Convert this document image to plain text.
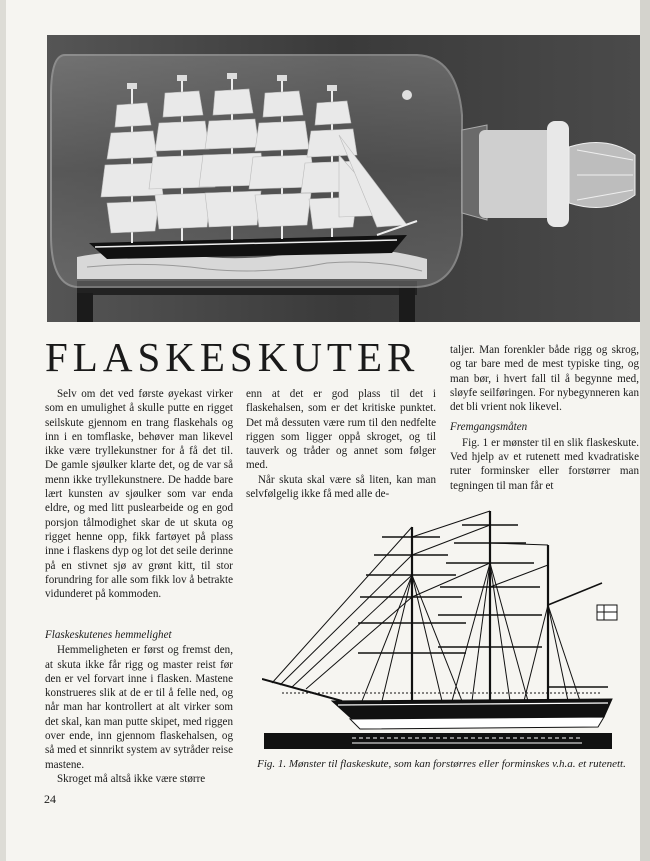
FLASKESKUTER

Selv om det ved første øyekast virker som en umulighet å skulle putte en rigget seilskute gjennom en trang flaskehals og inn i en tomflaske, behøver man likevel ikke være tryllekunstner for å få det til. De gamle sjøulker klarte det, og de var så menn ikke tryllekunstnere. De hadde bare lært kunsten av sjøulker som var enda eldre, og med litt puslearbeide og en god porsjon tålmodighet skar de ut skuta og rigget henne opp, fikk fartøyet på plass inne i flaskens dyp og lot det seile derinne på en stivnet sjø av grønt kitt, til stor forundring for alle som fikk lov å betrakte vidunderet på kommoden.

Flaskeskutenes hemmelighet

Hemmeligheten er først og fremst den, at skuta ikke får rigg og master reist før den er vel forvart inne i flasken. Mastene konstrueres slik at de er til å felle ned, og når man har kontrollert at alt virker som det skal, kan man putte skipet, med riggen over ende, inn gjennom flaskehalsen, og så med et sinnrikt system av sytråder reise mastene.

Skroget må altså ikke være større

enn at det er god plass til det i flaskehalsen, som er det kritiske punktet. Det må dessuten være rum til den nedfelte riggen som ligger oppå skroget, og til tauverk og tråder og annet som følger med.

Når skuta skal være så liten, kan man selvfølgelig ikke få med alle de-

taljer. Man forenkler både rigg og skrog, og tar bare med de mest typiske ting, og man bør, i hvert fall til å begynne med, sløyfe seilføringen. For nybegynneren kan det bli vrient nok likevel.

Fremgangsmåten

Fig. 1 er mønster til en slik flaskeskute. Ved hjelp av et rutenett med kvadratiske ruter forminsker eller forstørrer man tegningen til man får et

Fig. 1. Mønster til flaskeskute, som kan forstørres eller forminskes v.h.a. et rutenett.
24
